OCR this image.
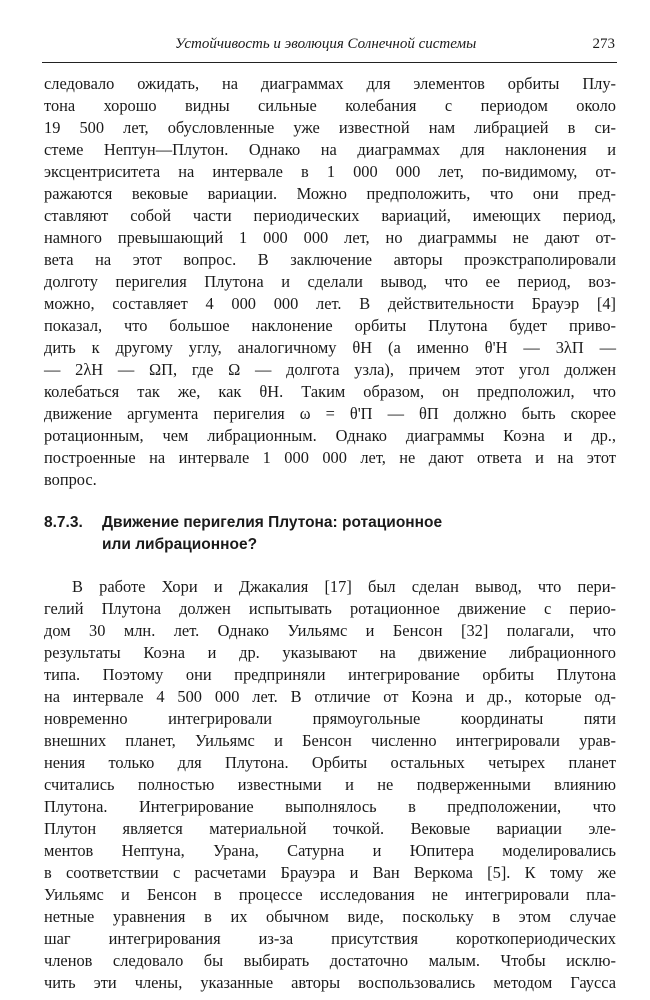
Устойчивость и эволюция Солнечной системы	273
следовало ожидать, на диаграммах для элементов орбиты Плу-
тона хорошо видны сильные колебания с периодом около
19 500 лет, обусловленные уже известной нам либрацией в си-
стеме Нептун—Плутон. Однако на диаграммах для наклонения и
эксцентриситета на интервале в 1 000 000 лет, по-видимому, от-
ражаются вековые вариации. Можно предположить, что они пред-
ставляют собой части периодических вариаций, имеющих период,
намного превышающий 1 000 000 лет, но диаграммы не дают от-
вета на этот вопрос. В заключение авторы проэкстраполировали
долготу перигелия Плутона и сделали вывод, что ее период, воз-
можно, составляет 4 000 000 лет. В действительности Брауэр [4]
показал, что большое наклонение орбиты Плутона будет приво-
дить к другому углу, аналогичному θH (а именно θ'H — 3λП —
— 2λН — ΩП, где Ω — долгота узла), причем этот угол должен
колебаться так же, как θH. Таким образом, он предположил, что
движение аргумента перигелия ω = θ'П — θП должно быть скорее
ротационным, чем либрационным. Однако диаграммы Коэна и др.,
построенные на интервале 1 000 000 лет, не дают ответа и на этот
вопрос.
8.7.3. Движение перигелия Плутона: ротационное
или либрационное?
В работе Хори и Джакалия [17] был сделан вывод, что пери-
гелий Плутона должен испытывать ротационное движение с перио-
дом 30 млн. лет. Однако Уильямс и Бенсон [32] полагали, что
результаты Коэна и др. указывают на движение либрационного
типа. Поэтому они предприняли интегрирование орбиты Плутона
на интервале 4 500 000 лет. В отличие от Коэна и др., которые од-
новременно интегрировали прямоугольные координаты пяти
внешних планет, Уильямс и Бенсон численно интегрировали урав-
нения только для Плутона. Орбиты остальных четырех планет
считались полностью известными и не подверженными влиянию
Плутона. Интегрирование выполнялось в предположении, что
Плутон является материальной точкой. Вековые вариации эле-
ментов Нептуна, Урана, Сатурна и Юпитера моделировались
в соответствии с расчетами Брауэра и Ван Веркома [5]. К тому же
Уильямс и Бенсон в процессе исследования не интегрировали пла-
нетные уравнения в их обычном виде, поскольку в этом случае
шаг интегрирования из-за присутствия короткопериодических
членов следовало бы выбирать достаточно малым. Чтобы исклю-
чить эти члены, указанные авторы воспользовались методом Гаусса
